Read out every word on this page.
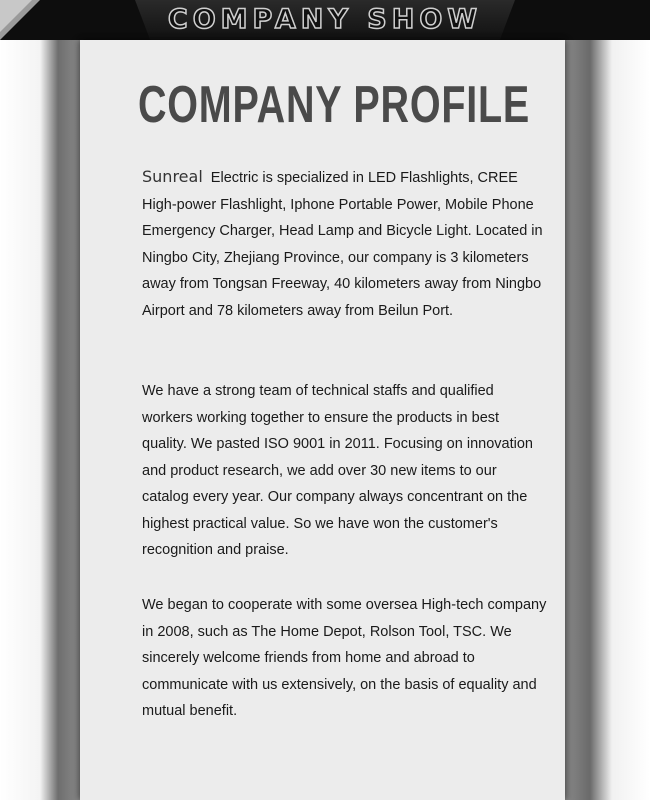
COMPANY SHOW
COMPANY PROFILE

Sunreal Electric is specialized in LED Flashlights, CREE High-power Flashlight, Iphone Portable Power, Mobile Phone Emergency Charger, Head Lamp and Bicycle Light. Located in Ningbo City, Zhejiang Province, our company is 3 kilometers away from Tongsan Freeway, 40 kilometers away from Ningbo Airport and 78 kilometers away from Beilun Port.

We have a strong team of technical staffs and qualified workers working together to ensure the products in best quality. We pasted ISO 9001 in 2011. Focusing on innovation and product research, we add over 30 new items to our catalog every year. Our company always concentrant on the highest practical value. So we have won the customer's recognition and praise.

We began to cooperate with some oversea High-tech company in 2008, such as The Home Depot, Rolson Tool, TSC. We sincerely welcome friends from home and abroad to communicate with us extensively, on the basis of equality and mutual benefit.
